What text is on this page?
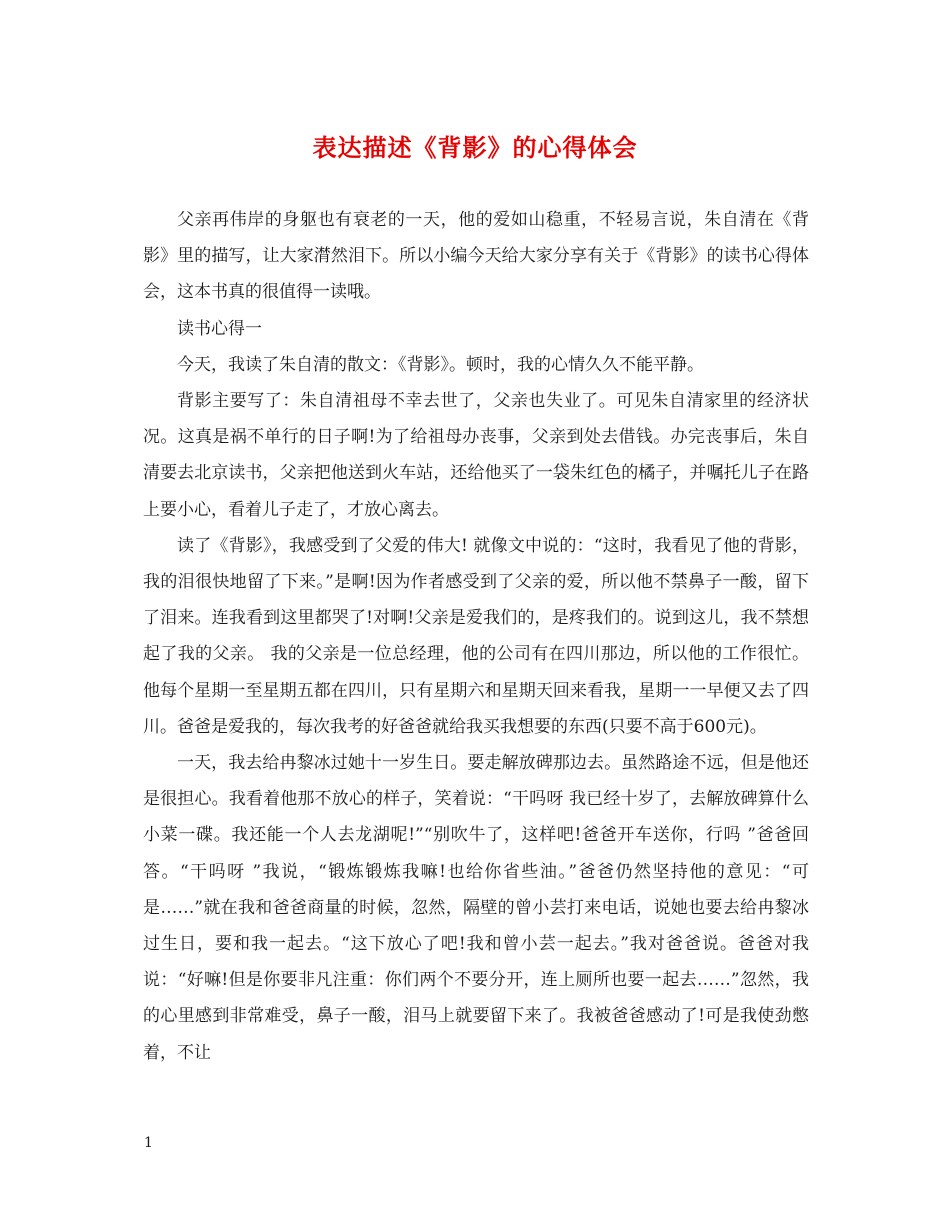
表达描述《背影》的心得体会

父亲再伟岸的身躯也有衰老的一天，他的爱如山稳重，不轻易言说，朱自清在《背影》里的描写，让大家潸然泪下。所以小编今天给大家分享有关于《背影》的读书心得体会，这本书真的很值得一读哦。

读书心得一

今天，我读了朱自清的散文：《背影》。顿时，我的心情久久不能平静。

背影主要写了：朱自清祖母不幸去世了，父亲也失业了。可见朱自清家里的经济状况。这真是祸不单行的日子啊!为了给祖母办丧事，父亲到处去借钱。办完丧事后，朱自清要去北京读书，父亲把他送到火车站，还给他买了一袋朱红色的橘子，并嘱托儿子在路上要小心，看着儿子走了，才放心离去。

读了《背影》，我感受到了父爱的伟大! 就像文中说的：“这时，我看见了他的背影，我的泪很快地留了下来。”是啊!因为作者感受到了父亲的爱，所以他不禁鼻子一酸，留下了泪来。连我看到这里都哭了!对啊!父亲是爱我们的，是疼我们的。说到这儿，我不禁想起了我的父亲。 我的父亲是一位总经理，他的公司有在四川那边，所以他的工作很忙。他每个星期一至星期五都在四川，只有星期六和星期天回来看我，星期一一早便又去了四川。爸爸是爱我的，每次我考的好爸爸就给我买我想要的东西(只要不高于600元)。

一天，我去给冉黎冰过她十一岁生日。要走解放碑那边去。虽然路途不远，但是他还是很担心。我看着他那不放心的样子，笑着说：“干吗呀 我已经十岁了，去解放碑算什么 小菜一碟。我还能一个人去龙湖呢!”“别吹牛了，这样吧!爸爸开车送你，行吗 ”爸爸回答。“干吗呀 ”我说，“锻炼锻炼我嘛!也给你省些油。”爸爸仍然坚持他的意见：“可是……”就在我和爸爸商量的时候，忽然，隔壁的曾小芸打来电话，说她也要去给冉黎冰过生日，要和我一起去。“这下放心了吧!我和曾小芸一起去。”我对爸爸说。爸爸对我说：“好嘛!但是你要非凡注重：你们两个不要分开，连上厕所也要一起去……”忽然，我的心里感到非常难受，鼻子一酸，泪马上就要留下来了。我被爸爸感动了!可是我使劲憋着，不让

1
